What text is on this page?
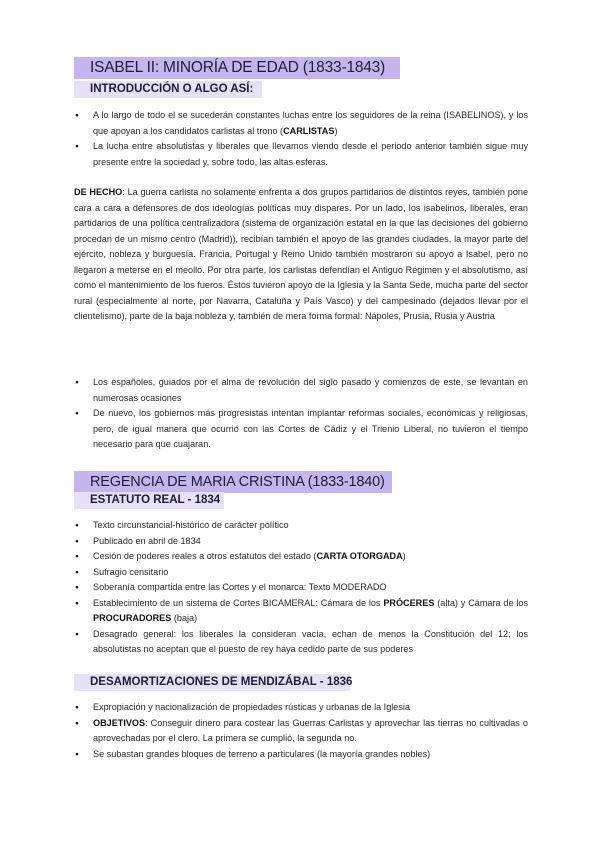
ISABEL II: MINORÍA DE EDAD (1833-1843)
INTRODUCCIÓN O ALGO ASÍ:
● A lo largo de todo el se sucederán constantes luchas entre los seguidores de la reina (ISABELINOS), y los que apoyan a los candidatos carlistas al trono (CARLISTAS)
● La lucha entre absolutistas y liberales que llevamos viendo desde el periodo anterior también sigue muy presente entre la sociedad y, sobre todo, las altas esferas.

DE HECHO: La guerra carlista no solamente enfrenta a dos grupos partidarios de distintos reyes, también pone cara a cara a defensores de dos ideologías políticas muy dispares. Por un lado, los isabelinos, liberales, eran partidarios de una política centralizadora (sistema de organización estatal en la que las decisiones del gobierno procedan de un mismo centro (Madrid)), recibían también el apoyo de las grandes ciudades, la mayor parte del ejército, nobleza y burguesía. Francia, Portugal y Reino Unido también mostraron su apoyo a Isabel, pero no llegaron a meterse en el meollo. Por otra parte, los carlistas defendían el Antiguo Régimen y el absolutismo, así como el mantenimiento de los fueros. Éstos tuvieron apoyo de la Iglesia y la Santa Sede, mucha parte del sector rural (especialmente al norte, por Navarra, Cataluña y País Vasco) y del campesinado (dejados llevar por el clientelismo), parte de la baja nobleza y, también de mera forma formal: Nápoles, Prusia, Rusia y Austria

● Los españoles, guiados por el alma de revolución del siglo pasado y comienzos de este, se levantan en numerosas ocasiones
● De nuevo, los gobiernos más progresistas intentan implantar reformas sociales, económicas y religiosas, pero, de igual manera que ocurrió con las Cortes de Cádiz y el Trienio Liberal, no tuvieron el tiempo necesario para que cuajaran.
REGENCIA DE MARIA CRISTINA (1833-1840)
ESTATUTO REAL - 1834
● Texto circunstancial-histórico de carácter político
● Publicado en abril de 1834
● Cesión de poderes reales a otros estatutos del estado (CARTA OTORGADA)
● Sufragio censitario
● Soberanía compartida entre las Cortes y el monarca: Texto MODERADO
● Establecimiento de un sistema de Cortes BICAMERAL: Cámara de los PRÓCERES (alta) y Cámara de los PROCURADORES (baja)
● Desagrado general: los liberales la consideran vacía, echan de menos la Constitución del 12; los absolutistas no aceptan que el puesto de rey haya cedido parte de sus poderes
DESAMORTIZACIONES DE MENDIZÁBAL - 1836
● Expropiación y nacionalización de propiedades rústicas y urbanas de la Iglesia
● OBJETIVOS: Conseguir dinero para costear las Guerras Carlistas y aprovechar las tierras no cultivadas o aprovechadas por el clero. La primera se cumplió, la segunda no.
● Se subastan grandes bloques de terreno a particulares (la mayoría grandes nobles)
